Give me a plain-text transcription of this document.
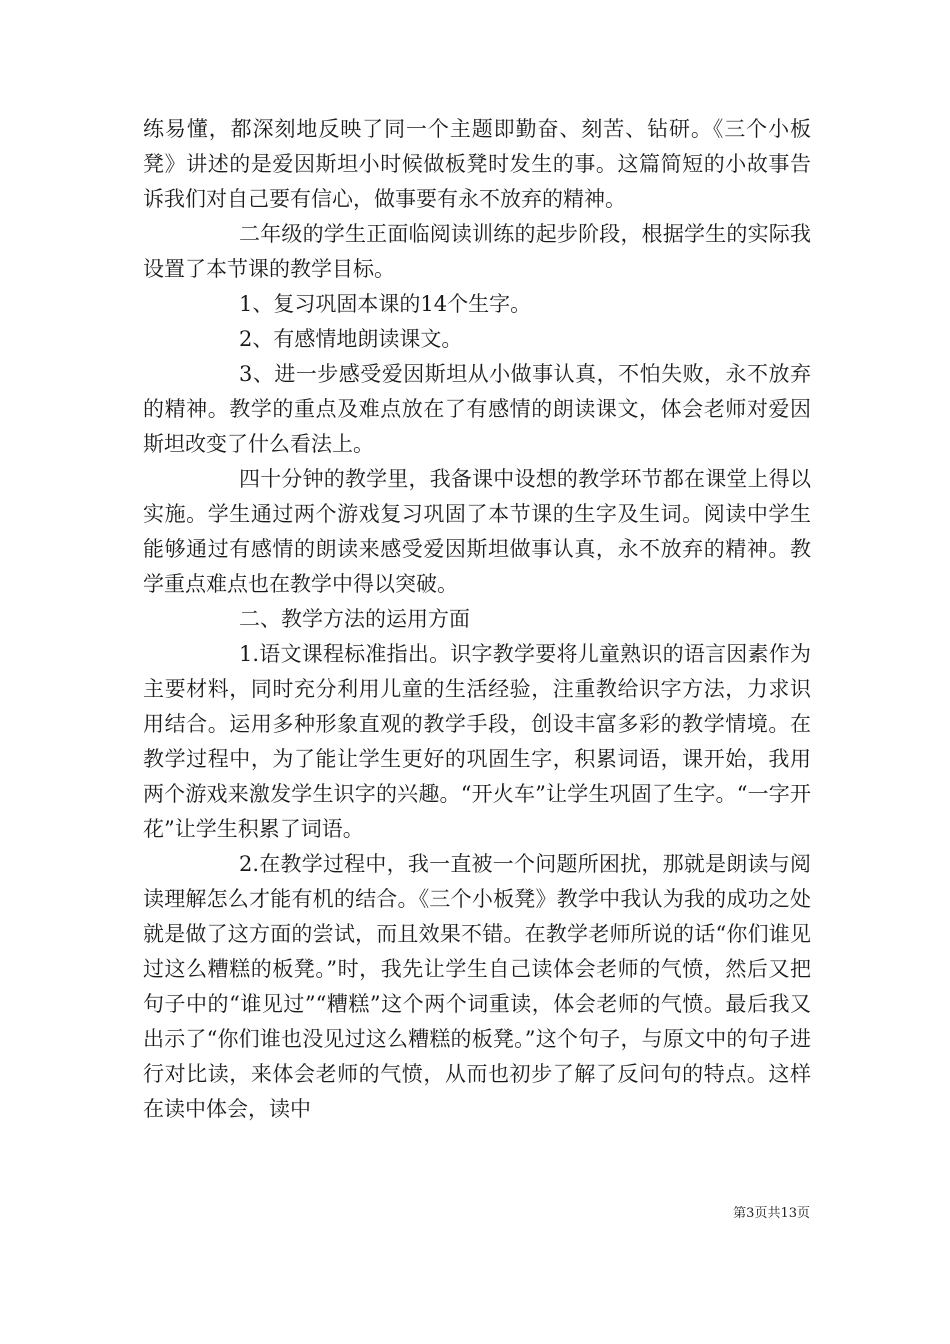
练易懂，都深刻地反映了同一个主题即勤奋、刻苦、钻研。《三个小板凳》讲述的是爱因斯坦小时候做板凳时发生的事。这篇简短的小故事告诉我们对自己要有信心，做事要有永不放弃的精神。

二年级的学生正面临阅读训练的起步阶段，根据学生的实际我设置了本节课的教学目标。

1、复习巩固本课的14个生字。

2、有感情地朗读课文。

3、进一步感受爱因斯坦从小做事认真，不怕失败，永不放弃的精神。教学的重点及难点放在了有感情的朗读课文，体会老师对爱因斯坦改变了什么看法上。

四十分钟的教学里，我备课中设想的教学环节都在课堂上得以实施。学生通过两个游戏复习巩固了本节课的生字及生词。阅读中学生能够通过有感情的朗读来感受爱因斯坦做事认真，永不放弃的精神。教学重点难点也在教学中得以突破。

二、教学方法的运用方面

1.语文课程标准指出。识字教学要将儿童熟识的语言因素作为主要材料，同时充分利用儿童的生活经验，注重教给识字方法，力求识用结合。运用多种形象直观的教学手段，创设丰富多彩的教学情境。在教学过程中，为了能让学生更好的巩固生字，积累词语，课开始，我用两个游戏来激发学生识字的兴趣。“开火车”让学生巩固了生字。“一字开花”让学生积累了词语。

2.在教学过程中，我一直被一个问题所困扰，那就是朗读与阅读理解怎么才能有机的结合。《三个小板凳》教学中我认为我的成功之处就是做了这方面的尝试，而且效果不错。在教学老师所说的话“你们谁见过这么糟糕的板凳。”时，我先让学生自己读体会老师的气愤，然后又把句子中的“谁见过”“糟糕”这个两个词重读，体会老师的气愤。最后我又出示了“你们谁也没见过这么糟糕的板凳。”这个句子，与原文中的句子进行对比读，来体会老师的气愤，从而也初步了解了反问句的特点。这样在读中体会，读中

第3页共13页
